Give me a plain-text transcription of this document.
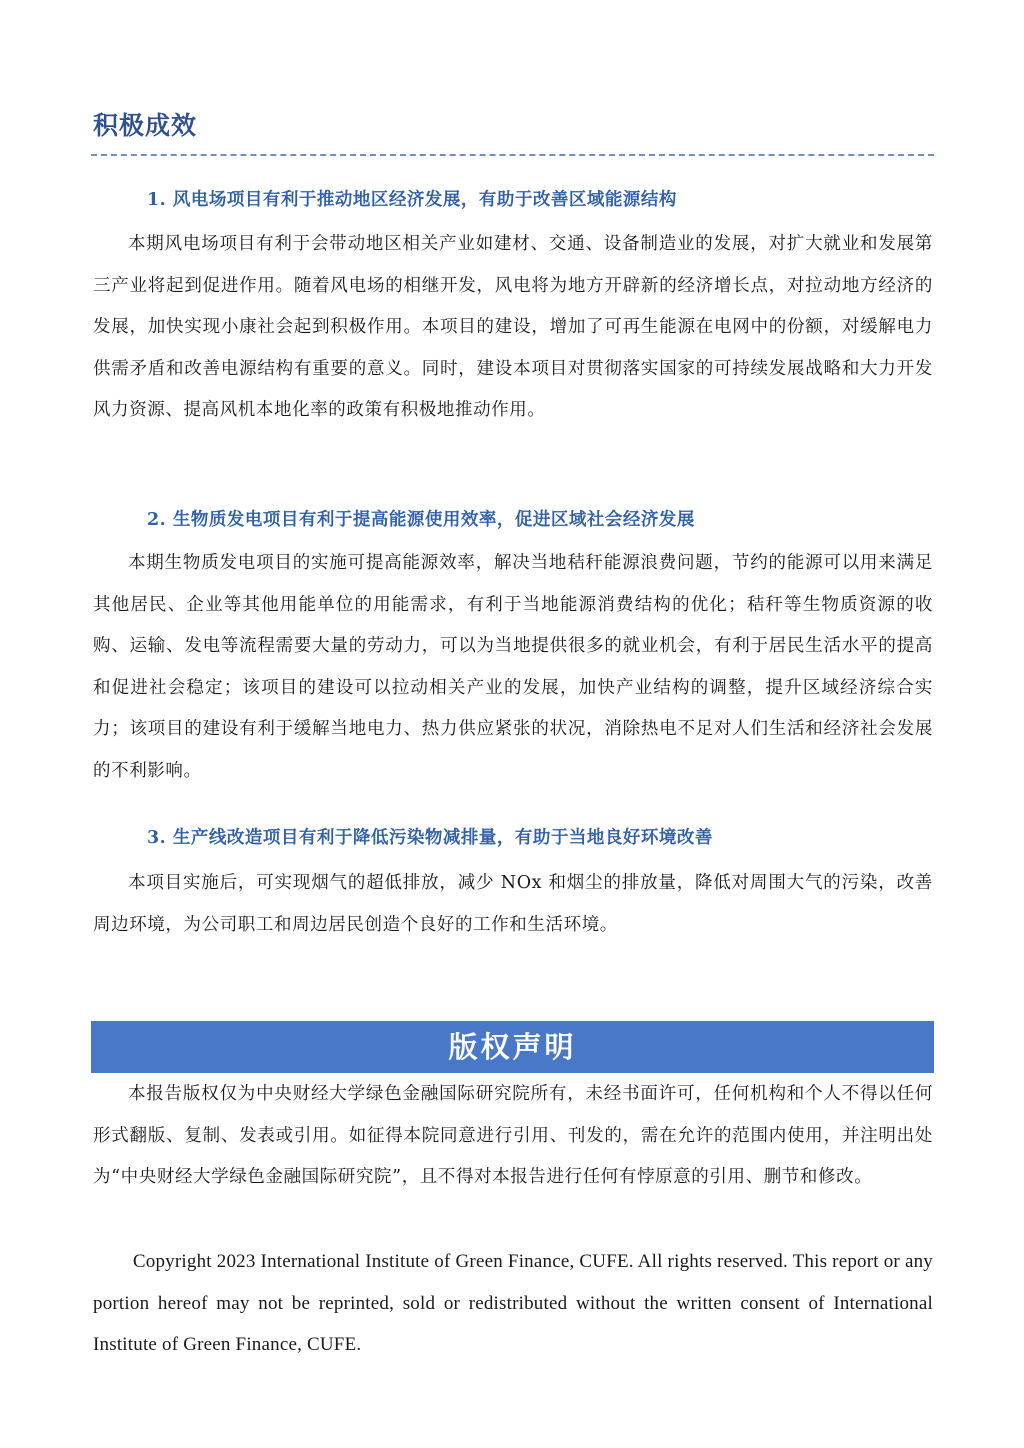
积极成效
1. 风电场项目有利于推动地区经济发展，有助于改善区域能源结构
本期风电场项目有利于会带动地区相关产业如建材、交通、设备制造业的发展，对扩大就业和发展第三产业将起到促进作用。随着风电场的相继开发，风电将为地方开辟新的经济增长点，对拉动地方经济的发展，加快实现小康社会起到积极作用。本项目的建设，增加了可再生能源在电网中的份额，对缓解电力供需矛盾和改善电源结构有重要的意义。同时，建设本项目对贯彻落实国家的可持续发展战略和大力开发风力资源、提高风机本地化率的政策有积极地推动作用。
2. 生物质发电项目有利于提高能源使用效率，促进区域社会经济发展
本期生物质发电项目的实施可提高能源效率，解决当地秸秆能源浪费问题，节约的能源可以用来满足其他居民、企业等其他用能单位的用能需求，有利于当地能源消费结构的优化；秸秆等生物质资源的收购、运输、发电等流程需要大量的劳动力，可以为当地提供很多的就业机会，有利于居民生活水平的提高和促进社会稳定；该项目的建设可以拉动相关产业的发展，加快产业结构的调整，提升区域经济综合实力；该项目的建设有利于缓解当地电力、热力供应紧张的状况，消除热电不足对人们生活和经济社会发展的不利影响。
3. 生产线改造项目有利于降低污染物减排量，有助于当地良好环境改善
本项目实施后，可实现烟气的超低排放，减少 NOx 和烟尘的排放量，降低对周围大气的污染，改善周边环境，为公司职工和周边居民创造个良好的工作和生活环境。
版权声明
本报告版权仅为中央财经大学绿色金融国际研究院所有，未经书面许可，任何机构和个人不得以任何形式翻版、复制、发表或引用。如征得本院同意进行引用、刊发的，需在允许的范围内使用，并注明出处为“中央财经大学绿色金融国际研究院”，且不得对本报告进行任何有悖原意的引用、删节和修改。
Copyright 2023 International Institute of Green Finance, CUFE. All rights reserved. This report or any portion hereof may not be reprinted, sold or redistributed without the written consent of International Institute of Green Finance, CUFE.
